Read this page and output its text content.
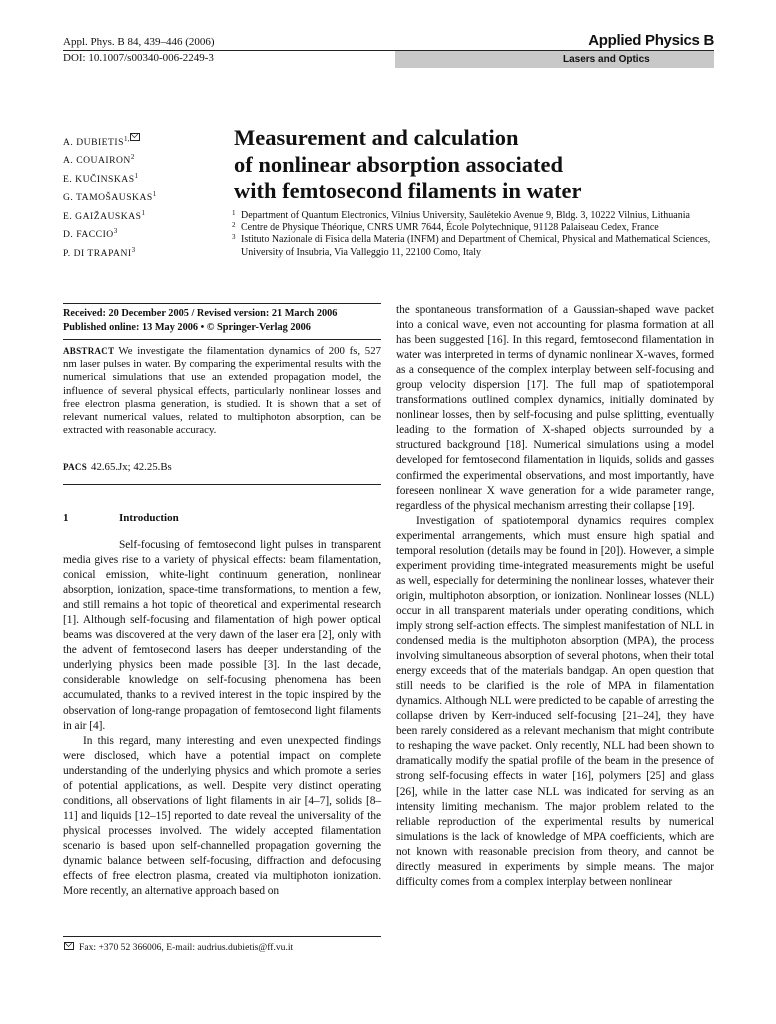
Appl. Phys. B 84, 439–446 (2006)
DOI: 10.1007/s00340-006-2249-3
Applied Physics B
Lasers and Optics
A. $DUBIETIS^{1,}$
A. COUAIRON$^2$
E. KUČINSKAS$^1$
G. TAMOŠAUSKAS$^1$
E. GAIŽAUSKAS$^1$
D. FACCIO$^3$
P. DI TRAPANI$^3$
Measurement and calculation
of nonlinear absorption associated
with femtosecond filaments in water
1 Department of Quantum Electronics, Vilnius University, Saulėtekio Avenue 9, Bldg. 3, 10222 Vilnius, Lithuania
2 Centre de Physique Théorique, CNRS UMR 7644, École Polytechnique, 91128 Palaiseau Cedex, France
3 Istituto Nazionale di Fisica della Materia (INFM) and Department of Chemical, Physical and Mathematical Sciences, University of Insubria, Via Valleggio 11, 22100 Como, Italy
Received: 20 December 2005 / Revised version: 21 March 2006
Published online: 13 May 2006 • © Springer-Verlag 2006
ABSTRACT We investigate the filamentation dynamics of 200 fs, 527 nm laser pulses in water. By comparing the experimental results with the numerical simulations that use an extended propagation model, the influence of several physical effects, particularly nonlinear losses and free electron plasma generation, is studied. It is shown that a set of relevant numerical values, related to multiphoton absorption, can be extracted with reasonable accuracy.
PACS 42.65.Jx; 42.25.Bs
1	Introduction

Self-focusing of femtosecond light pulses in transparent media gives rise to a variety of physical effects: beam filamentation, conical emission, white-light continuum generation, nonlinear absorption, ionization, space-time transformations, to mention a few, and still remains a hot topic of theoretical and experimental research [1]. Although self-focusing and filamentation of high power optical beams was discovered at the very dawn of the laser era [2], only with the advent of femtosecond lasers has deeper understanding of the underlying physics been made possible [3]. In the last decade, considerable knowledge on self-focusing phenomena has been accumulated, thanks to a revived interest in the topic inspired by the observation of long-range propagation of femtosecond light filaments in air [4].

In this regard, many interesting and even unexpected findings were disclosed, which have a potential impact on complete understanding of the underlying physics and which promote a series of potential applications, as well. Despite very distinct operating conditions, all observations of light filaments in air [4–7], solids [8–11] and liquids [12–15] reported to date reveal the universality of the physical processes involved. The widely accepted filamentation scenario is based upon self-channelled propagation governing the dynamic balance between self-focusing, diffraction and defocusing effects of free electron plasma, created via multiphoton ionization. More recently, an alternative approach based on

Fax: +370 52 366006, E-mail: audrius.dubietis@ff.vu.it

the spontaneous transformation of a Gaussian-shaped wave packet into a conical wave, even not accounting for plasma formation at all has been suggested [16]. In this regard, femtosecond filamentation in water was interpreted in terms of dynamic nonlinear X-waves, formed as a consequence of the complex interplay between self-focusing and group velocity dispersion [17]. The full map of spatiotemporal transformations outlined complex dynamics, initially dominated by nonlinear losses, then by self-focusing and pulse splitting, eventually leading to the formation of X-shaped objects surrounded by a structured background [18]. Numerical simulations using a model developed for femtosecond filamentation in liquids, solids and gasses confirmed the experimental observations, and most importantly, have foreseen nonlinear X wave generation for a wide parameter range, regardless of the physical mechanism arresting their collapse [19].

Investigation of spatiotemporal dynamics requires complex experimental arrangements, which must ensure high spatial and temporal resolution (details may be found in [20]). However, a simple experiment providing time-integrated measurements might be useful as well, especially for determining the nonlinear losses, whatever their origin, multiphoton absorption, or ionization. Nonlinear losses (NLL) occur in all transparent materials under operating conditions, which imply strong self-action effects. The simplest manifestation of NLL in condensed media is the multiphoton absorption (MPA), the process involving simultaneous absorption of several photons, when their total energy exceeds that of the materials bandgap. An open question that still needs to be clarified is the role of MPA in filamentation dynamics. Although NLL were predicted to be capable of arresting the collapse driven by Kerr-induced self-focusing [21–24], they have been rarely considered as a relevant mechanism that might contribute to reshaping the wave packet. Only recently, NLL had been shown to dramatically modify the spatial profile of the beam in the presence of strong self-focusing effects in water [16], polymers [25] and glass [26], while in the latter case NLL was indicated for serving as an intensity limiting mechanism. The major problem related to the reliable reproduction of the experimental results by numerical simulations is the lack of knowledge of MPA coefficients, which are not known with reasonable precision from theory, and cannot be directly measured in experiments by simple means. The major difficulty comes from a complex interplay between nonlinear
